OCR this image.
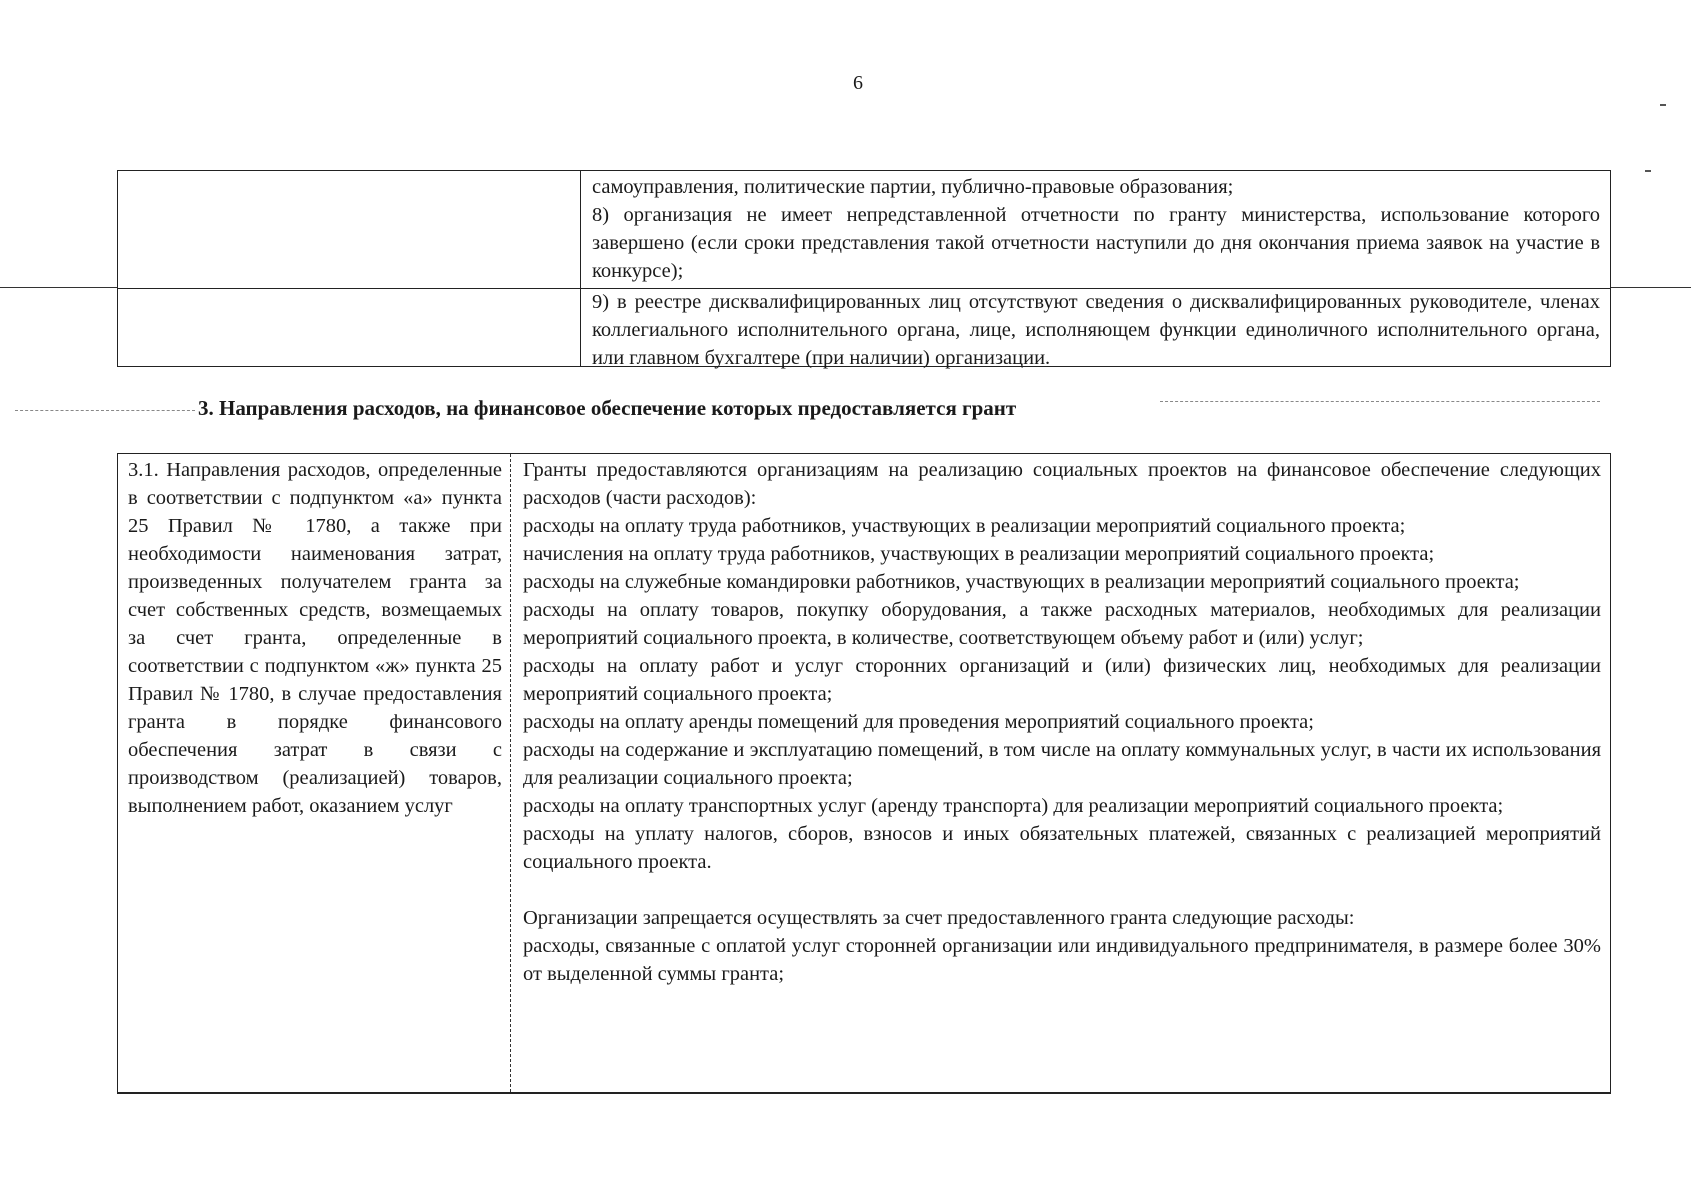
6

самоуправления, политические партии, публично-правовые образования;

8) организация не имеет непредставленной отчетности по гранту министерства, использование которого завершено (если сроки представления такой отчетности наступили до дня окончания приема заявок на участие в конкурсе);

9) в реестре дисквалифицированных лиц отсутствуют сведения о дисквалифицированных руководителе, членах коллегиального исполнительного органа, лице, исполняющем функции единоличного исполнительного органа, или главном бухгалтере (при наличии) организации.

3. Направления расходов, на финансовое обеспечение которых предоставляется грант

3.1. Направления расходов, определенные в соответствии с подпунктом «а» пункта 25 Правил № 1780, а также при необходимости наименования затрат, произведенных получателем гранта за счет собственных средств, возмещаемых за счет гранта, определенные в соответствии с подпунктом «ж» пункта 25 Правил № 1780, в случае предоставления гранта в порядке финансового обеспечения затрат в связи с производством (реализацией) товаров, выполнением работ, оказанием услуг

Гранты предоставляются организациям на реализацию социальных проектов на финансовое обеспечение следующих расходов (части расходов):

расходы на оплату труда работников, участвующих в реализации мероприятий социального проекта;

начисления на оплату труда работников, участвующих в реализации мероприятий социального проекта;

расходы на служебные командировки работников, участвующих в реализации мероприятий социального проекта;

расходы на оплату товаров, покупку оборудования, а также расходных материалов, необходимых для реализации мероприятий социального проекта, в количестве, соответствующем объему работ и (или) услуг;

расходы на оплату работ и услуг сторонних организаций и (или) физических лиц, необходимых для реализации мероприятий социального проекта;

расходы на оплату аренды помещений для проведения мероприятий социального проекта;

расходы на содержание и эксплуатацию помещений, в том числе на оплату коммунальных услуг, в части их использования для реализации социального проекта;

расходы на оплату транспортных услуг (аренду транспорта) для реализации мероприятий социального проекта;

расходы на уплату налогов, сборов, взносов и иных обязательных платежей, связанных с реализацией мероприятий социального проекта.

Организации запрещается осуществлять за счет предоставленного гранта следующие расходы:

расходы, связанные с оплатой услуг сторонней организации или индивидуального предпринимателя, в размере более 30% от выделенной суммы гранта;
